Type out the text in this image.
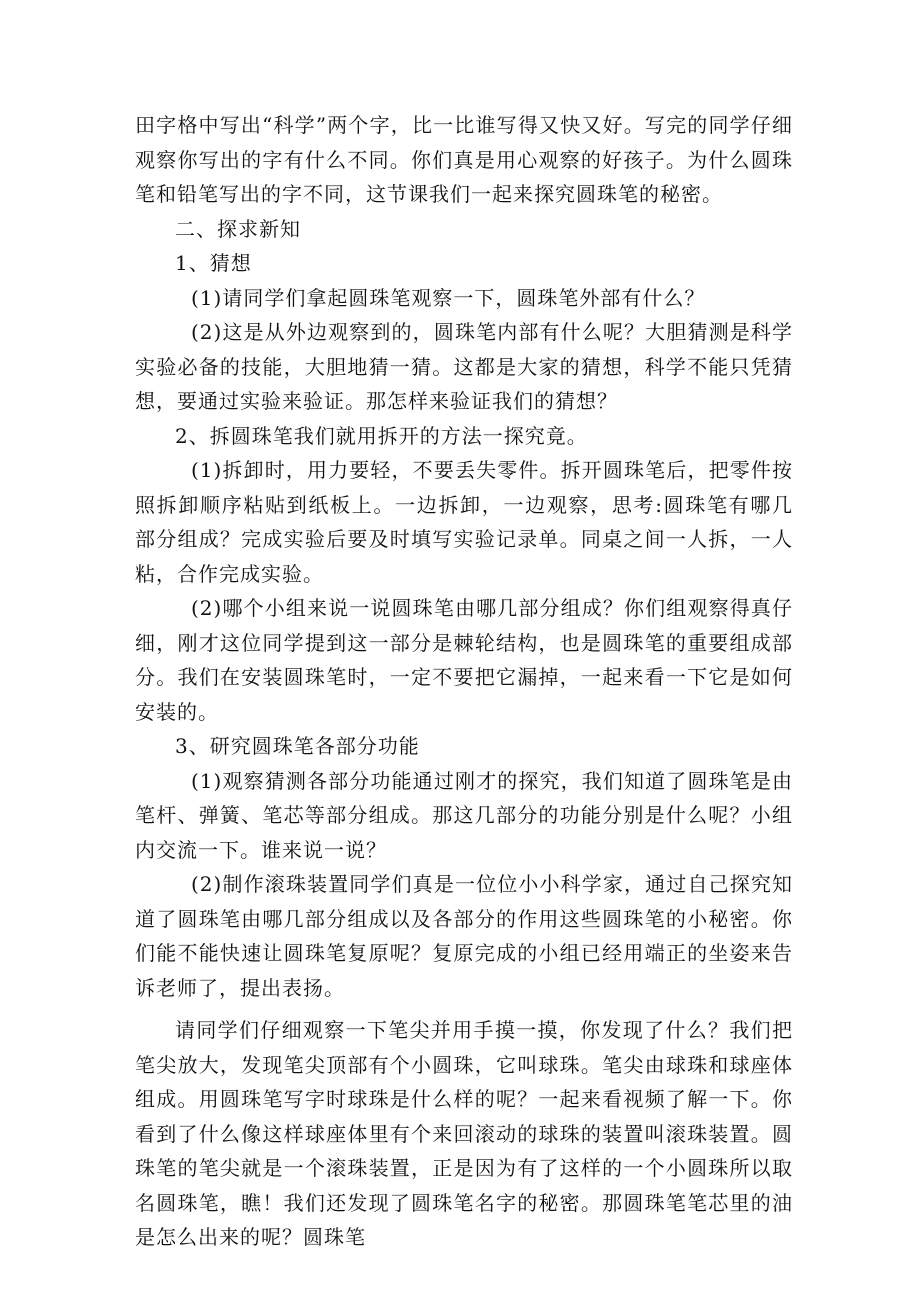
田字格中写出“科学”两个字，比一比谁写得又快又好。写完的同学仔细观察你写出的字有什么不同。你们真是用心观察的好孩子。为什么圆珠笔和铅笔写出的字不同，这节课我们一起来探究圆珠笔的秘密。

二、探求新知

1、猜想

(1)请同学们拿起圆珠笔观察一下，圆珠笔外部有什么？

(2)这是从外边观察到的，圆珠笔内部有什么呢？大胆猜测是科学实验必备的技能，大胆地猜一猜。这都是大家的猜想，科学不能只凭猜想，要通过实验来验证。那怎样来验证我们的猜想？

2、拆圆珠笔我们就用拆开的方法一探究竟。

(1)拆卸时，用力要轻，不要丢失零件。拆开圆珠笔后，把零件按照拆卸顺序粘贴到纸板上。一边拆卸，一边观察，思考:圆珠笔有哪几部分组成？完成实验后要及时填写实验记录单。同桌之间一人拆，一人粘，合作完成实验。

(2)哪个小组来说一说圆珠笔由哪几部分组成？你们组观察得真仔细，刚才这位同学提到这一部分是棘轮结构，也是圆珠笔的重要组成部分。我们在安装圆珠笔时，一定不要把它漏掉，一起来看一下它是如何安装的。

3、研究圆珠笔各部分功能

(1)观察猜测各部分功能通过刚才的探究，我们知道了圆珠笔是由笔杆、弹簧、笔芯等部分组成。那这几部分的功能分别是什么呢？小组内交流一下。谁来说一说？

(2)制作滚珠装置同学们真是一位位小小科学家，通过自己探究知道了圆珠笔由哪几部分组成以及各部分的作用这些圆珠笔的小秘密。你们能不能快速让圆珠笔复原呢？复原完成的小组已经用端正的坐姿来告诉老师了，提出表扬。

请同学们仔细观察一下笔尖并用手摸一摸，你发现了什么？我们把笔尖放大，发现笔尖顶部有个小圆珠，它叫球珠。笔尖由球珠和球座体组成。用圆珠笔写字时球珠是什么样的呢？一起来看视频了解一下。你看到了什么像这样球座体里有个来回滚动的球珠的装置叫滚珠装置。圆珠笔的笔尖就是一个滚珠装置，正是因为有了这样的一个小圆珠所以取名圆珠笔，瞧！我们还发现了圆珠笔名字的秘密。那圆珠笔笔芯里的油是怎么出来的呢？圆珠笔
